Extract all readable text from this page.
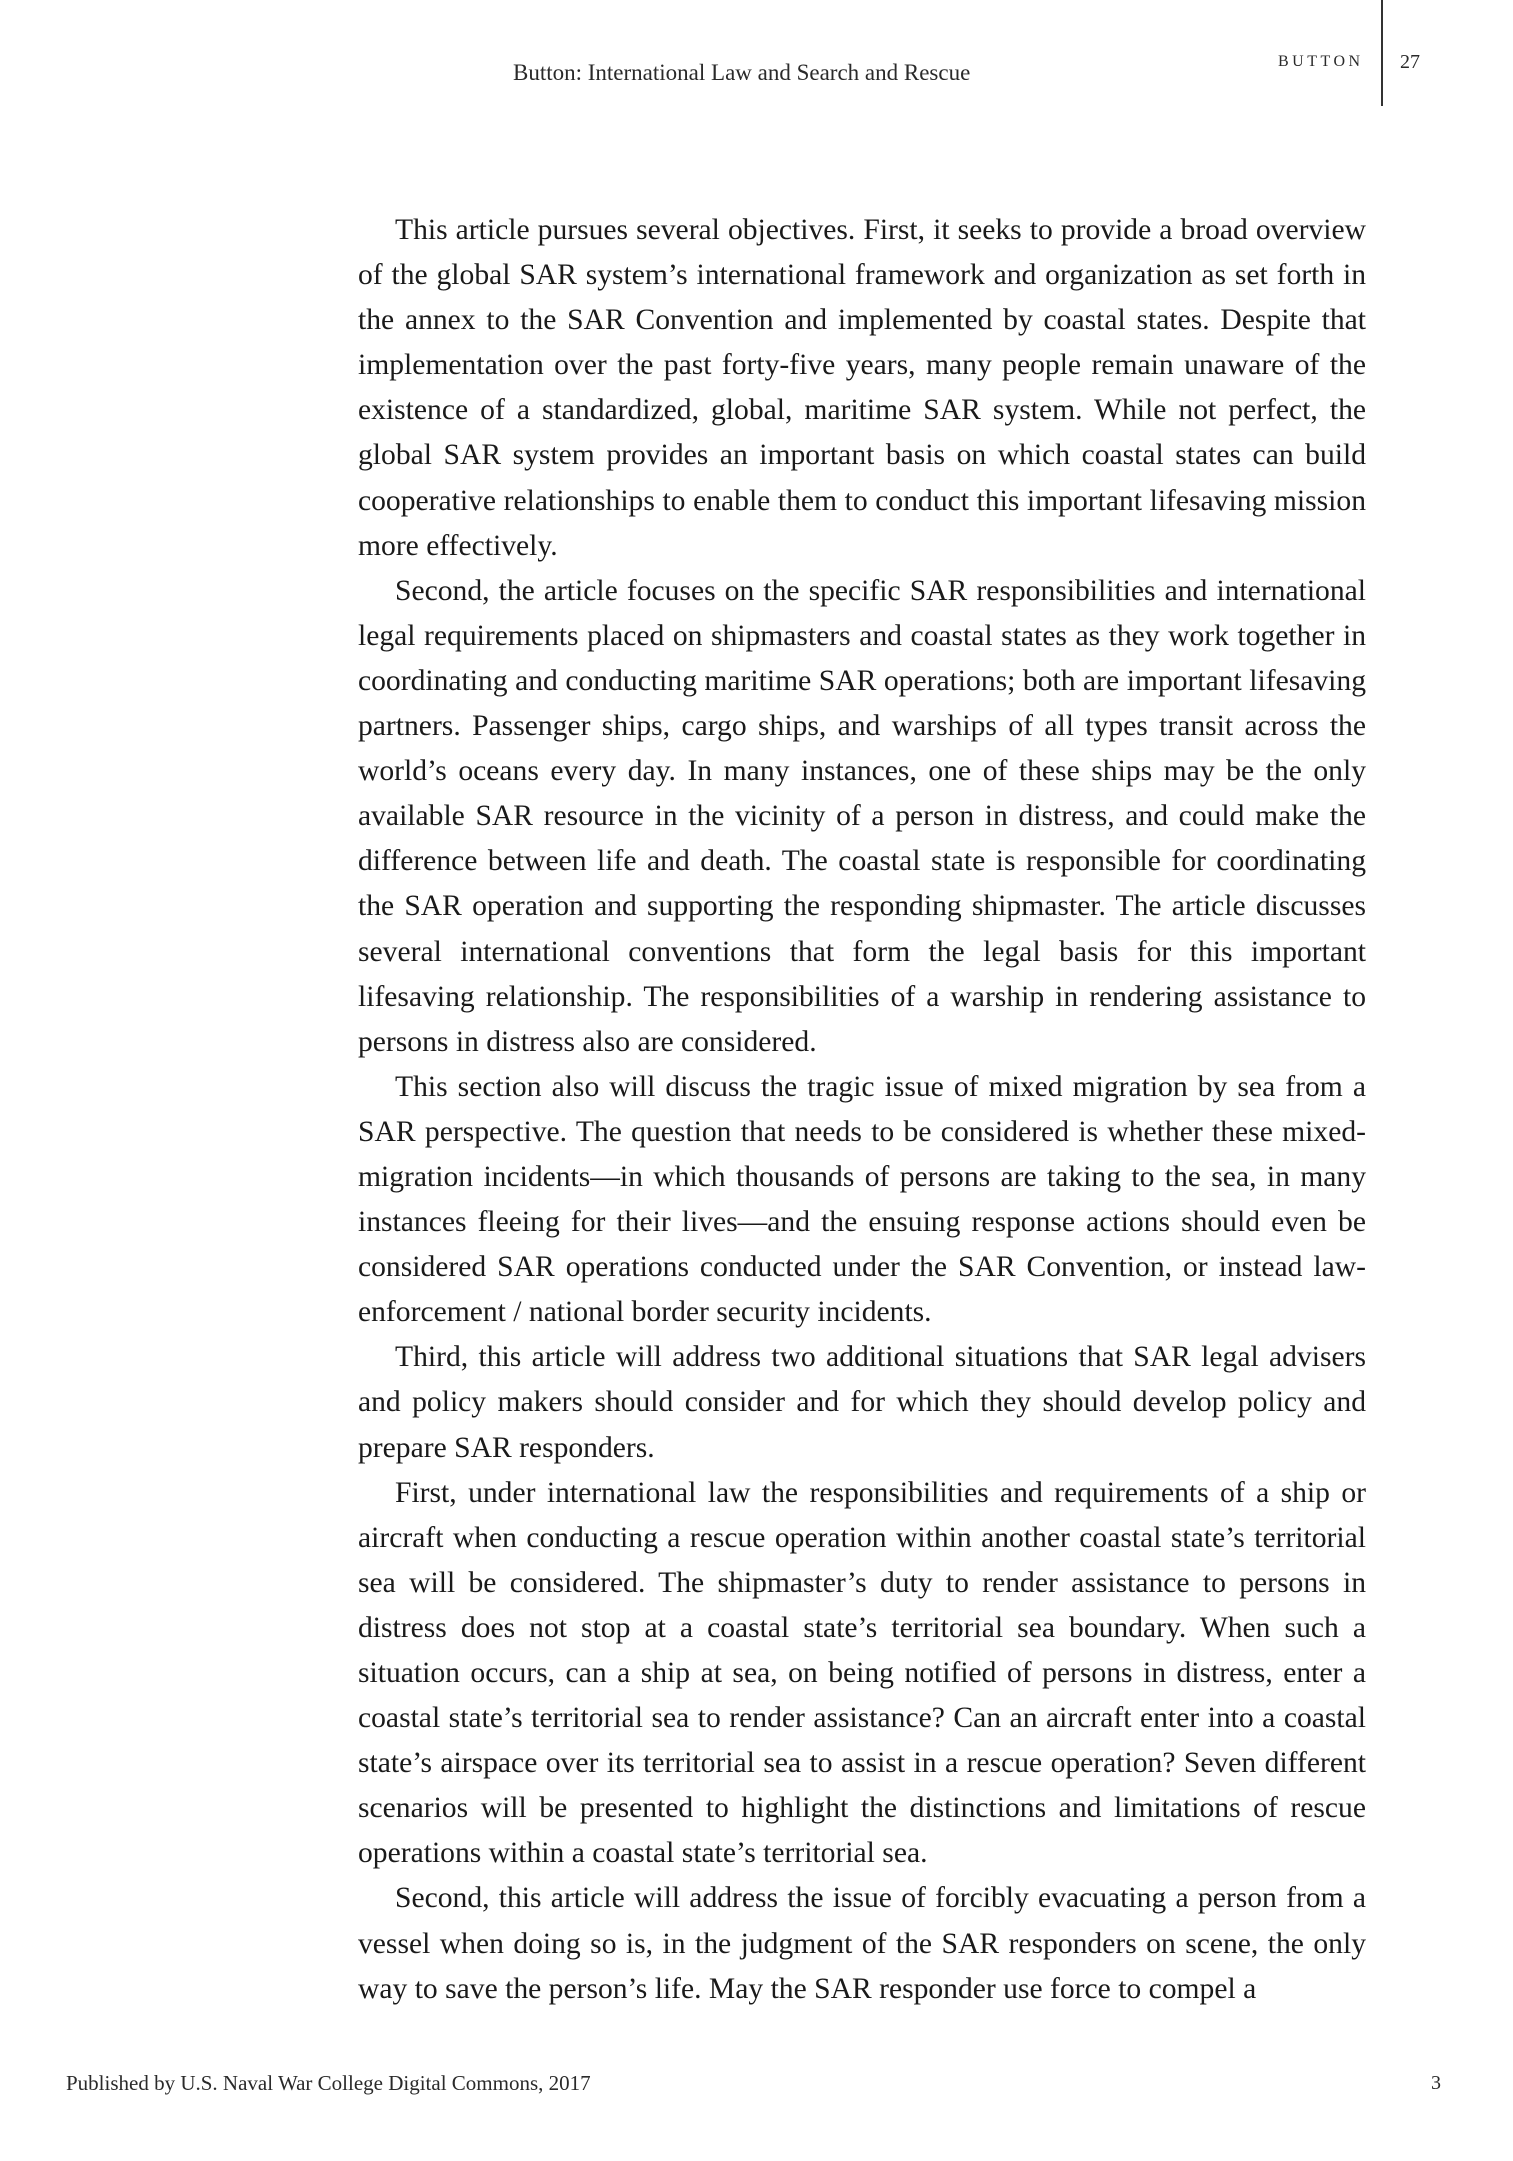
Button: International Law and Search and Rescue	BUTTON 27

This article pursues several objectives. First, it seeks to provide a broad overview of the global SAR system’s international framework and organization as set forth in the annex to the SAR Convention and implemented by coastal states. Despite that implementation over the past forty-five years, many people remain unaware of the existence of a standardized, global, maritime SAR system. While not perfect, the global SAR system provides an important basis on which coastal states can build cooperative relationships to enable them to conduct this important lifesaving mission more effectively.

Second, the article focuses on the specific SAR responsibilities and international legal requirements placed on shipmasters and coastal states as they work together in coordinating and conducting maritime SAR operations; both are important lifesaving partners. Passenger ships, cargo ships, and warships of all types transit across the world’s oceans every day. In many instances, one of these ships may be the only available SAR resource in the vicinity of a person in distress, and could make the difference between life and death. The coastal state is responsible for coordinating the SAR operation and supporting the responding shipmaster. The article discusses several international conventions that form the legal basis for this important lifesaving relationship. The responsibilities of a warship in rendering assistance to persons in distress also are considered.

This section also will discuss the tragic issue of mixed migration by sea from a SAR perspective. The question that needs to be considered is whether these mixed-migration incidents—in which thousands of persons are taking to the sea, in many instances fleeing for their lives—and the ensuing response actions should even be considered SAR operations conducted under the SAR Convention, or instead law-enforcement / national border security incidents.

Third, this article will address two additional situations that SAR legal advisers and policy makers should consider and for which they should develop policy and prepare SAR responders.

First, under international law the responsibilities and requirements of a ship or aircraft when conducting a rescue operation within another coastal state’s territorial sea will be considered. The shipmaster’s duty to render assistance to persons in distress does not stop at a coastal state’s territorial sea boundary. When such a situation occurs, can a ship at sea, on being notified of persons in distress, enter a coastal state’s territorial sea to render assistance? Can an aircraft enter into a coastal state’s airspace over its territorial sea to assist in a rescue operation? Seven different scenarios will be presented to highlight the distinctions and limitations of rescue operations within a coastal state’s territorial sea.

Second, this article will address the issue of forcibly evacuating a person from a vessel when doing so is, in the judgment of the SAR responders on scene, the only way to save the person’s life. May the SAR responder use force to compel a

Published by U.S. Naval War College Digital Commons, 2017	3
